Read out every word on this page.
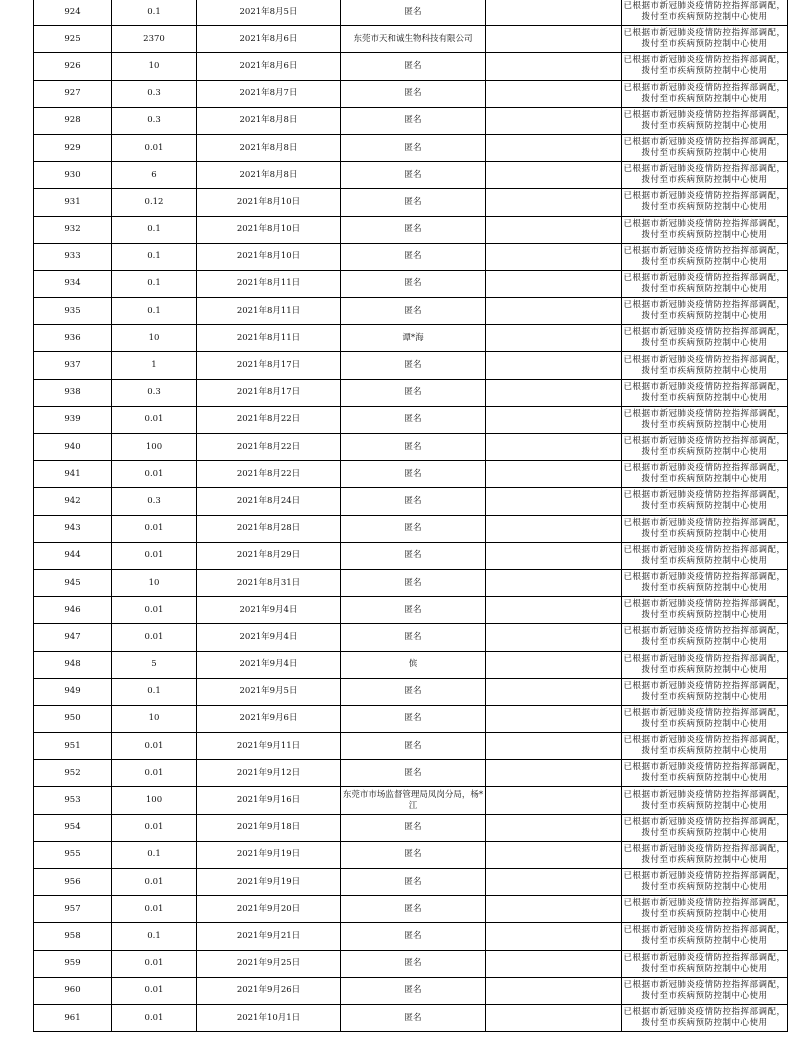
924	0.1	2021年8月5日	匿名		已根据市新冠肺炎疫情防控指挥部调配，拨付至市疾病预防控制中心使用
925	2370	2021年8月6日	东莞市天和诚生物科技有限公司		已根据市新冠肺炎疫情防控指挥部调配，拨付至市疾病预防控制中心使用
926	10	2021年8月6日	匿名		已根据市新冠肺炎疫情防控指挥部调配，拨付至市疾病预防控制中心使用
927	0.3	2021年8月7日	匿名		已根据市新冠肺炎疫情防控指挥部调配，拨付至市疾病预防控制中心使用
928	0.3	2021年8月8日	匿名		已根据市新冠肺炎疫情防控指挥部调配，拨付至市疾病预防控制中心使用
929	0.01	2021年8月8日	匿名		已根据市新冠肺炎疫情防控指挥部调配，拨付至市疾病预防控制中心使用
930	6	2021年8月8日	匿名		已根据市新冠肺炎疫情防控指挥部调配，拨付至市疾病预防控制中心使用
931	0.12	2021年8月10日	匿名		已根据市新冠肺炎疫情防控指挥部调配，拨付至市疾病预防控制中心使用
932	0.1	2021年8月10日	匿名		已根据市新冠肺炎疫情防控指挥部调配，拨付至市疾病预防控制中心使用
933	0.1	2021年8月10日	匿名		已根据市新冠肺炎疫情防控指挥部调配，拨付至市疾病预防控制中心使用
934	0.1	2021年8月11日	匿名		已根据市新冠肺炎疫情防控指挥部调配，拨付至市疾病预防控制中心使用
935	0.1	2021年8月11日	匿名		已根据市新冠肺炎疫情防控指挥部调配，拨付至市疾病预防控制中心使用
936	10	2021年8月11日	谭*海		已根据市新冠肺炎疫情防控指挥部调配，拨付至市疾病预防控制中心使用
937	1	2021年8月17日	匿名		已根据市新冠肺炎疫情防控指挥部调配，拨付至市疾病预防控制中心使用
938	0.3	2021年8月17日	匿名		已根据市新冠肺炎疫情防控指挥部调配，拨付至市疾病预防控制中心使用
939	0.01	2021年8月22日	匿名		已根据市新冠肺炎疫情防控指挥部调配，拨付至市疾病预防控制中心使用
940	100	2021年8月22日	匿名		已根据市新冠肺炎疫情防控指挥部调配，拨付至市疾病预防控制中心使用
941	0.01	2021年8月22日	匿名		已根据市新冠肺炎疫情防控指挥部调配，拨付至市疾病预防控制中心使用
942	0.3	2021年8月24日	匿名		已根据市新冠肺炎疫情防控指挥部调配，拨付至市疾病预防控制中心使用
943	0.01	2021年8月28日	匿名		已根据市新冠肺炎疫情防控指挥部调配，拨付至市疾病预防控制中心使用
944	0.01	2021年8月29日	匿名		已根据市新冠肺炎疫情防控指挥部调配，拨付至市疾病预防控制中心使用
945	10	2021年8月31日	匿名		已根据市新冠肺炎疫情防控指挥部调配，拨付至市疾病预防控制中心使用
946	0.01	2021年9月4日	匿名		已根据市新冠肺炎疫情防控指挥部调配，拨付至市疾病预防控制中心使用
947	0.01	2021年9月4日	匿名		已根据市新冠肺炎疫情防控指挥部调配，拨付至市疾病预防控制中心使用
948	5	2021年9月4日	傧		已根据市新冠肺炎疫情防控指挥部调配，拨付至市疾病预防控制中心使用
949	0.1	2021年9月5日	匿名		已根据市新冠肺炎疫情防控指挥部调配，拨付至市疾病预防控制中心使用
950	10	2021年9月6日	匿名		已根据市新冠肺炎疫情防控指挥部调配，拨付至市疾病预防控制中心使用
951	0.01	2021年9月11日	匿名		已根据市新冠肺炎疫情防控指挥部调配，拨付至市疾病预防控制中心使用
952	0.01	2021年9月12日	匿名		已根据市新冠肺炎疫情防控指挥部调配，拨付至市疾病预防控制中心使用
953	100	2021年9月16日	东莞市市场监督管理局凤岗分局，杨*江		已根据市新冠肺炎疫情防控指挥部调配，拨付至市疾病预防控制中心使用
954	0.01	2021年9月18日	匿名		已根据市新冠肺炎疫情防控指挥部调配，拨付至市疾病预防控制中心使用
955	0.1	2021年9月19日	匿名		已根据市新冠肺炎疫情防控指挥部调配，拨付至市疾病预防控制中心使用
956	0.01	2021年9月19日	匿名		已根据市新冠肺炎疫情防控指挥部调配，拨付至市疾病预防控制中心使用
957	0.01	2021年9月20日	匿名		已根据市新冠肺炎疫情防控指挥部调配，拨付至市疾病预防控制中心使用
958	0.1	2021年9月21日	匿名		已根据市新冠肺炎疫情防控指挥部调配，拨付至市疾病预防控制中心使用
959	0.01	2021年9月25日	匿名		已根据市新冠肺炎疫情防控指挥部调配，拨付至市疾病预防控制中心使用
960	0.01	2021年9月26日	匿名		已根据市新冠肺炎疫情防控指挥部调配，拨付至市疾病预防控制中心使用
961	0.01	2021年10月1日	匿名		已根据市新冠肺炎疫情防控指挥部调配，拨付至市疾病预防控制中心使用
